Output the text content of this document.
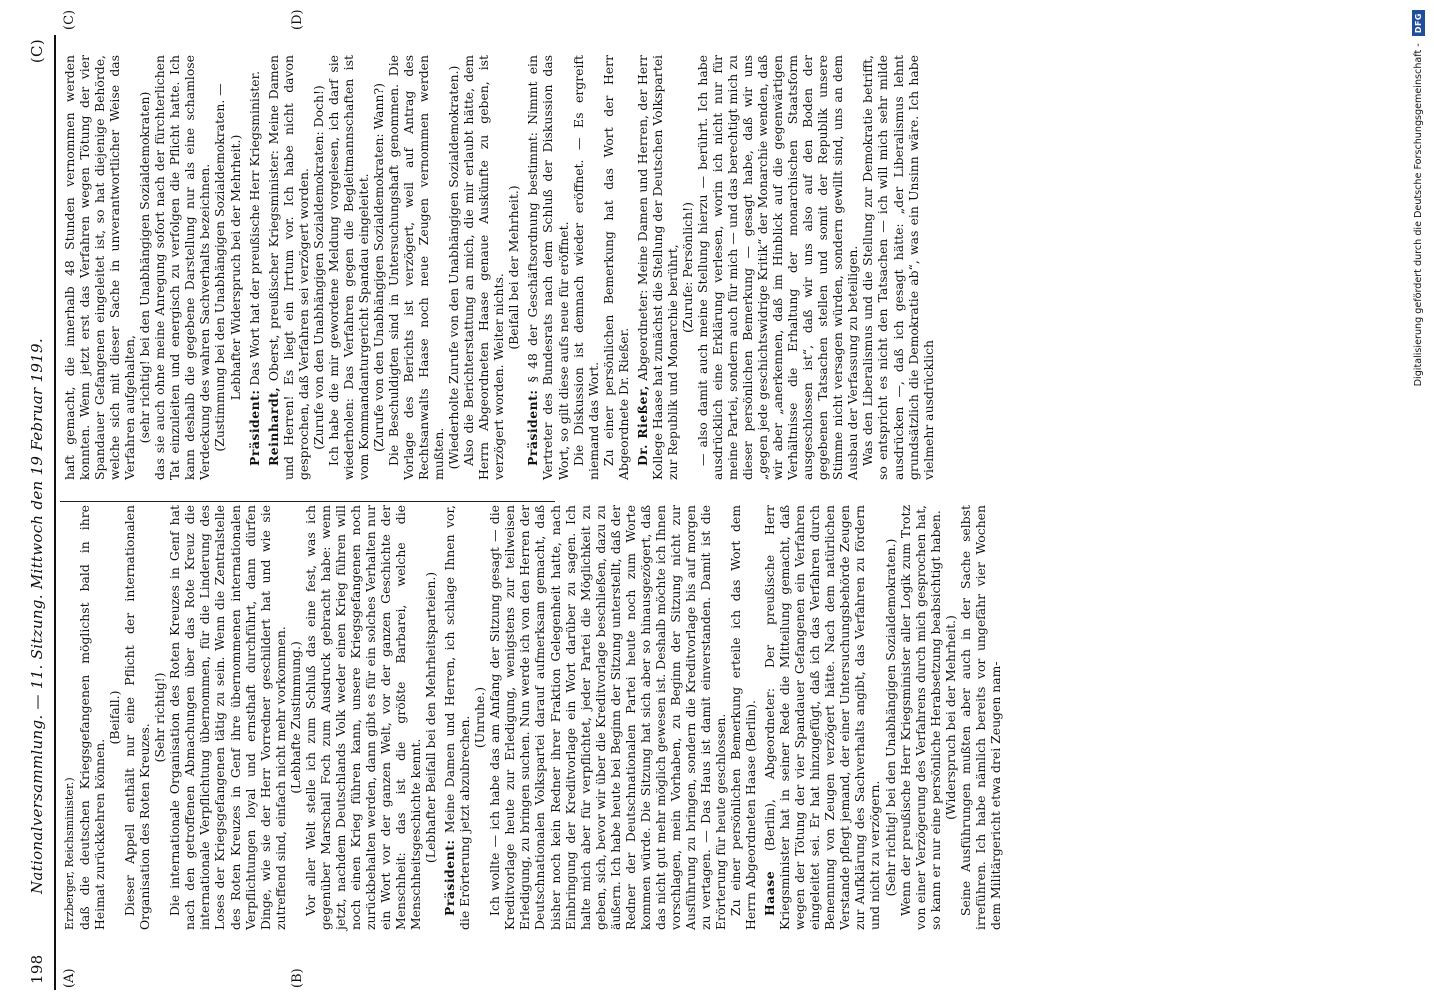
198
Nationalversammlung. — 11. Sitzung. Mittwoch den 19 Februar 1919.
(C)
(A)	(B)
(C)	(D)

Erzberger, Reichsminister.) daß die deutschen Kriegsgefangenen möglichst bald in ihre Heimat zurückkehren können.

(Beifall.) Dieser Appell enthält nur eine Pflicht der internationalen Organisation des Roten Kreuzes.

(Sehr richtig!) Die internationale Organisation des Roten Kreuzes in Genf hat nach den getroffenen Abmachungen über das Rote Kreuz die internationale Verpflichtung übernommen, für die Linderung des Loses der Kriegsgefangenen tätig zu sein. Wenn die Zentralstelle des Roten Kreuzes in Genf ihre übernommenen internationalen Verpflichtungen loyal und ernsthaft durchführt, dann dürfen Dinge, wie sie der Herr Vorredner geschildert hat und wie sie zutreffend sind, einfach nicht mehr vorkommen. (Lebhafte Zustimmung.) Vor aller Welt stelle ich zum Schluß das eine fest, was ich gegenüber Marschall Foch zum Ausdruck gebracht habe: wenn jetzt, nachdem Deutschlands Volk weder einen Krieg führen will noch einen Krieg führen kann, unsere Kriegsgefangenen noch zurückbehalten werden, dann gibt es für ein solches Verhalten nur ein Wort vor der ganzen Welt, vor der ganzen Geschichte der Menschheit: das ist die größte Barbarei, welche die Menschheitsgeschichte kennt. (Lebhafter Beifall bei den Mehrheitsparteien.)

Präsident: Meine Damen und Herren, ich schlage Ihnen vor, die Erörterung jetzt abzubrechen. (Unruhe.) Ich wollte — ich habe das am Anfang der Sitzung gesagt — die Kreditvorlage heute zur Erledigung, wenigstens zur teilweisen Erledigung, zu bringen suchen. Nun werde ich von den Herren der Deutschnationalen Volkspartei darauf aufmerksam gemacht, daß bisher noch kein Redner ihrer Fraktion Gelegenheit hatte, nach Einbringung der Kreditvorlage ein Wort darüber zu sagen. Ich halte mich aber für verpflichtet, jeder Partei die Möglichkeit zu geben, sich, bevor wir über die Kreditvorlage beschließen, dazu zu äußern. Ich habe heute bei Beginn der Sitzung unterstellt, daß der Redner der Deutschnationalen Partei heute noch zum Worte kommen würde. Die Sitzung hat sich aber so hinausgezögert, daß das nicht gut mehr möglich gewesen ist. Deshalb möchte ich Ihnen vorschlagen, mein Vorhaben, zu Beginn der Sitzung nicht zur Ausführung zu bringen, sondern die Kreditvorlage bis auf morgen zu vertagen. — Das Haus ist damit einverstanden. Damit ist die Erörterung für heute geschlossen. Zu einer persönlichen Bemerkung erteile ich das Wort dem Herrn Abgeordneten Haase (Berlin). Haase (Berlin), Abgeordneter: Der preußische Herr Kriegsminister hat in seiner Rede die Mitteilung gemacht, daß wegen der Tötung der vier Spandauer Gefangenen ein Verfahren eingeleitet sei. Er hat hinzugefügt, daß ich das Verfahren durch Benennung von Zeugen verzögert hätte. Nach dem natürlichen Verstande pflegt jemand, der einer Untersuchungsbehörde Zeugen zur Aufklärung des Sachverhalts angibt, das Verfahren zu fördern und nicht zu verzögern. (Sehr richtig! bei den Unabhängigen Sozialdemokraten.) Wenn der preußische Herr Kriegsminister aller Logik zum Trotz von einer Verzögerung des Verfahrens durch mich gesprochen hat, so kann er nur eine persönliche Herabsetzung beabsichtigt haben. (Widerspruch bei der Mehrheit.) Seine Ausführungen mußten aber auch in der Sache selbst irreführen. Ich habe nämlich bereits vor ungefähr vier Wochen dem Militärgericht etwa drei Zeugen nam-

haft gemacht, die innerhalb 48 Stunden vernommen werden konnten. Wenn jetzt erst das Verfahren wegen Tötung der vier Spandauer Gefangenen eingeleitet ist, so hat diejenige Behörde, welche sich mit dieser Sache in unverantwortlicher Weise das Verfahren aufgehalten, (sehr richtig! bei den Unabhängigen Sozialdemokraten) das sie auch ohne meine Anregung sofort nach der fürchterlichen Tat einzuleiten und energisch zu verfolgen die Pflicht hatte. Ich kann deshalb die gegebene Darstellung nur als eine schamlose Verdeckung des wahren Sachverhalts bezeichnen. (Zustimmung bei den Unabhängigen Sozialdemokraten. — Lebhafter Widerspruch bei der Mehrheit.)

Präsident: Das Wort hat der preußische Herr Kriegsminister.

Reinhardt, Oberst, preußischer Kriegsminister: Meine Damen und Herren! Es liegt ein Irrtum vor. Ich habe nicht davon gesprochen, daß Verfahren sei verzögert worden. (Zurufe von den Unabhängigen Sozialdemokraten: Doch!) Ich habe die mir gewordene Meldung vorgelesen, ich darf sie wiederholen: Das Verfahren gegen die Begleitmannschaften ist vom Kommandanturgericht Spandau eingeleitet. (Zurufe von den Unabhängigen Sozialdemokraten: Wann?) Die Beschuldigten sind in Untersuchungshaft genommen. Die Vorlage des Berichts ist verzögert, weil auf Antrag des Rechtsanwalts Haase noch neue Zeugen vernommen werden mußten. (Wiederholte Zurufe von den Unabhängigen Sozialdemokraten.) Also die Berichterstattung an mich, die mir erlaubt hätte, dem Herrn Abgeordneten Haase genaue Auskünfte zu geben, ist verzögert worden. Weiter nichts.

(Beifall bei der Mehrheit.)

Präsident: § 48 der Geschäftsordnung bestimmt: Nimmt ein Vertreter des Bundesrats nach dem Schluß der Diskussion das Wort, so gilt diese aufs neue für eröffnet. Die Diskussion ist demnach wieder eröffnet. — Es ergreift niemand das Wort. Zu einer persönlichen Bemerkung hat das Wort der Herr Abgeordnete Dr. Rießer. Dr. Rießer, Abgeordneter: Meine Damen und Herren, der Herr Kollege Haase hat zunächst die Stellung der Deutschen Volkspartei zur Republik und Monarchie berührt, (Zurufe: Persönlich!) — also damit auch meine Stellung hierzu — berührt. Ich habe ausdrücklich eine Erklärung verlesen, worin ich nicht nur für meine Partei, sondern auch für mich — und das berechtigt mich zu dieser persönlichen Bemerkung — gesagt habe, daß wir uns „gegen jede geschichtswidrige Kritik“ der Monarchie wenden, daß wir aber „anerkennen, daß im Hinblick auf die gegenwärtigen Verhältnisse die Erhaltung der monarchischen Staatsform ausgeschlossen ist“, daß wir uns also auf den Boden der gegebenen Tatsachen stellen und somit der Republik unsere Stimme nicht versagen würden, sondern gewillt sind, uns an dem Ausbau der Verfassung zu beteiligen. Was den Liberalismus und die Stellung zur Demokratie betrifft, so entspricht es nicht den Tatsachen — ich will mich sehr milde ausdrücken —, daß ich gesagt hätte: „der Liberalismus lehnt grundsätzlich die Demokratie ab“, was ein Unsinn wäre. Ich habe vielmehr ausdrücklich

Digitalisierung gefördert durch die Deutsche Forschungsgemeinschaft - DFG
